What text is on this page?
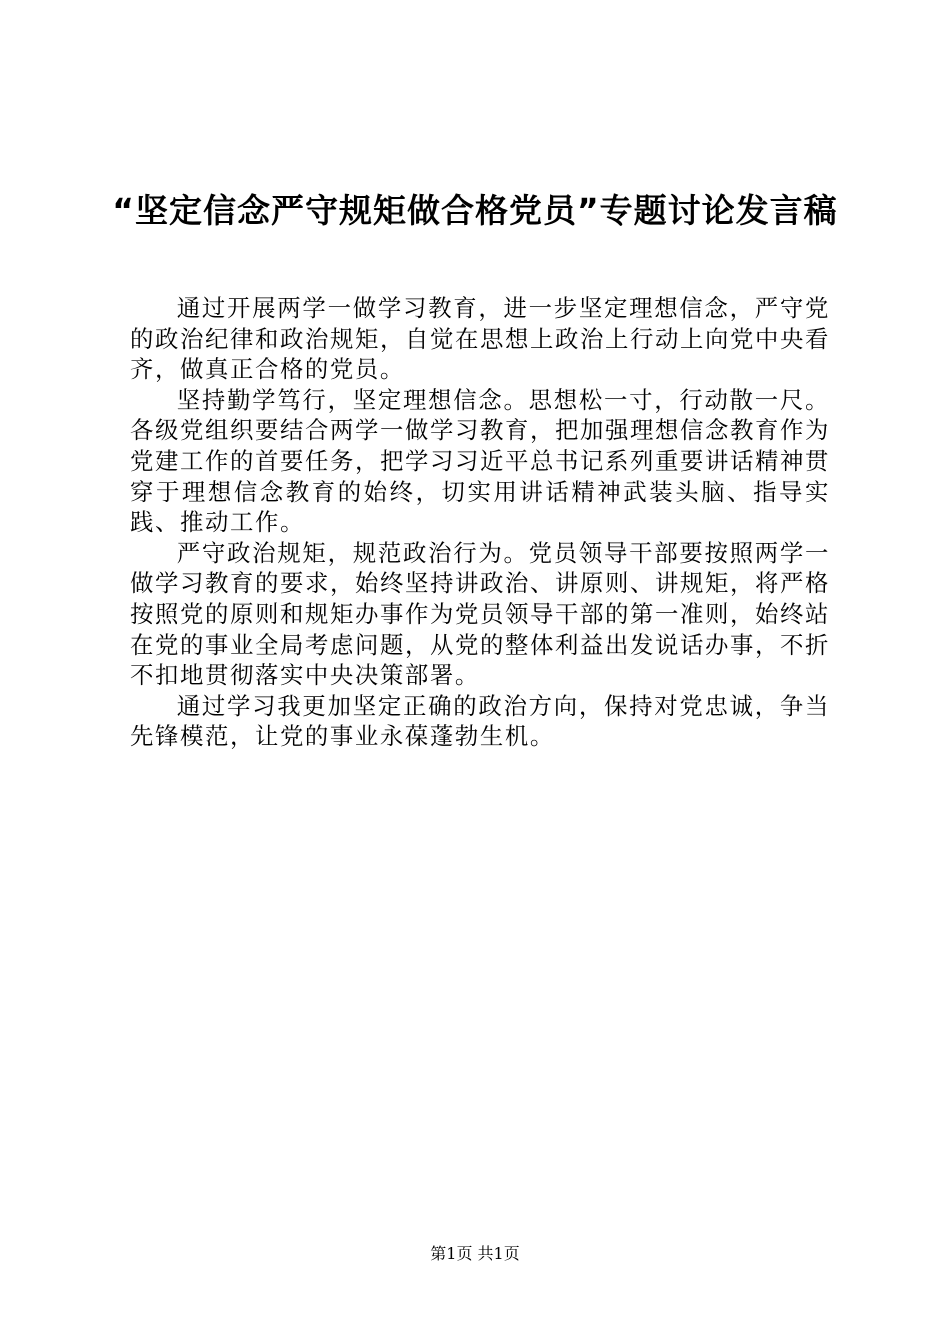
“坚定信念严守规矩做合格党员”专题讨论发言稿

通过开展两学一做学习教育，进一步坚定理想信念，严守党的政治纪律和政治规矩，自觉在思想上政治上行动上向党中央看齐，做真正合格的党员。

坚持勤学笃行，坚定理想信念。思想松一寸，行动散一尺。各级党组织要结合两学一做学习教育，把加强理想信念教育作为党建工作的首要任务，把学习习近平总书记系列重要讲话精神贯穿于理想信念教育的始终，切实用讲话精神武装头脑、指导实践、推动工作。

严守政治规矩，规范政治行为。党员领导干部要按照两学一做学习教育的要求，始终坚持讲政治、讲原则、讲规矩，将严格按照党的原则和规矩办事作为党员领导干部的第一准则，始终站在党的事业全局考虑问题，从党的整体利益出发说话办事，不折不扣地贯彻落实中央决策部署。

通过学习我更加坚定正确的政治方向，保持对党忠诚，争当先锋模范，让党的事业永葆蓬勃生机。

第1页 共1页
